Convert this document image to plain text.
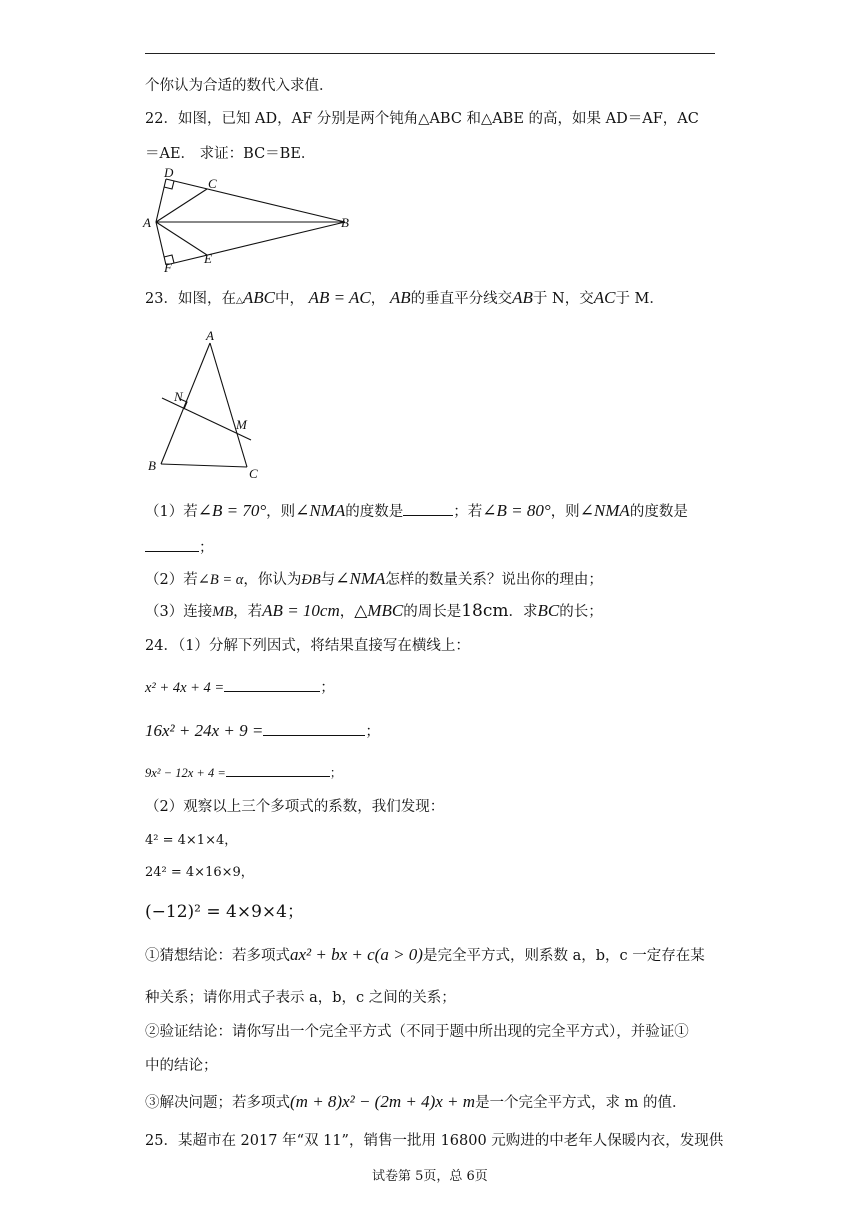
个你认为合适的数代入求值．
22．如图，已知 AD，AF 分别是两个钝角△ABC 和△ABE 的高，如果 AD＝AF，AC
＝AE． 求证：BC＝BE．
D
C
A	B
F
E
23．如图，在△ABC中， AB = AC， AB的垂直平分线交AB于 N，交AC于 M．
A
N
M
B
C
（1）若∠B = 70°，则∠NMA的度数是	；若∠B = 80°，则∠NMA的度数是
；
（2）若∠B = α，你认为ÐB与∠NMA怎样的数量关系？说出你的理由；
（3）连接MB，若AB = 10cm，△MBC的周长是18cm．求BC的长；
24．（1）分解下列因式，将结果直接写在横线上：
x² + 4x + 4 =	；
16x² + 24x + 9 =	；
9x² − 12x + 4 =	；
（2）观察以上三个多项式的系数，我们发现：
4² = 4×1×4，
24² = 4×16×9，
(−12)² = 4×9×4；
①猜想结论：若多项式ax² + bx + c(a > 0)是完全平方式，则系数 a，b，c 一定存在某
种关系；请你用式子表示 a，b，c 之间的关系；
②验证结论：请你写出一个完全平方式（不同于题中所出现的完全平方式），并验证①
中的结论；
③解决问题；若多项式(m + 8)x² − (2m + 4)x + m是一个完全平方式，求 m 的值．
25．某超市在 2017 年“双 11”，销售一批用 16800 元购进的中老年人保暖内衣，发现供
试卷第 5页，总 6页
